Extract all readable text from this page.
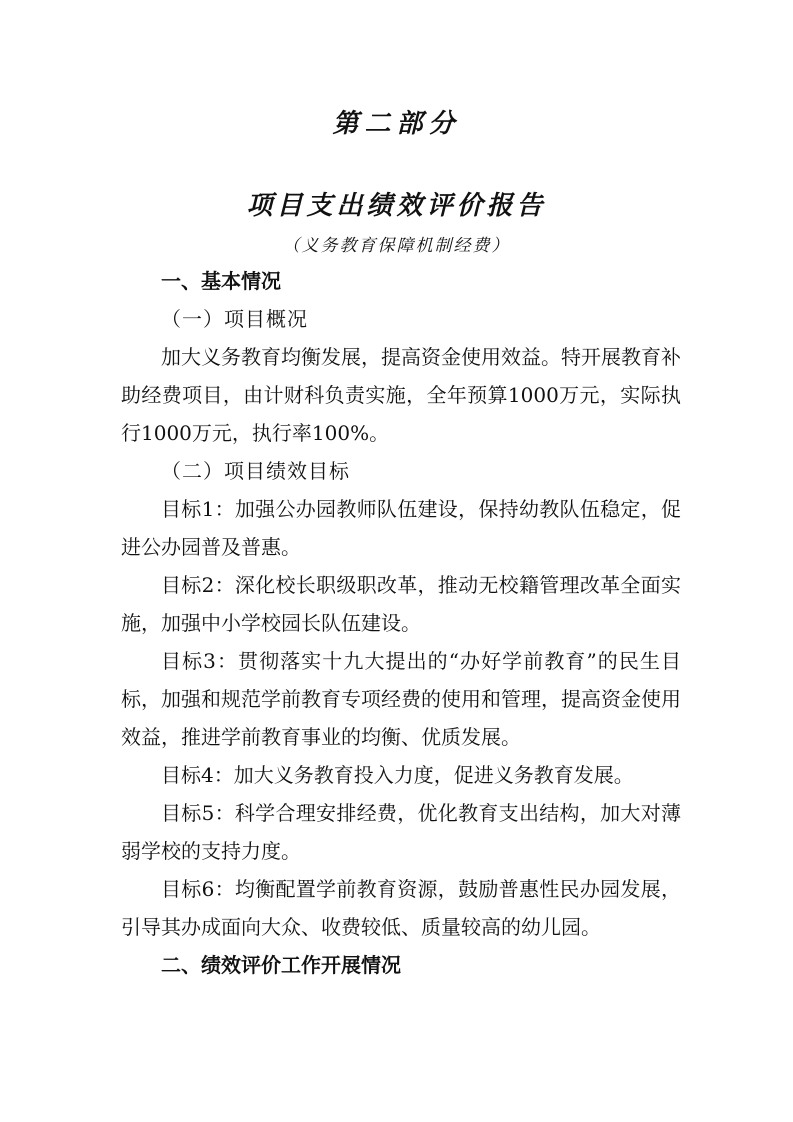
第二部分
项目支出绩效评价报告
（义务教育保障机制经费）
一、基本情况

（一）项目概况

加大义务教育均衡发展，提高资金使用效益。特开展教育补助经费项目，由计财科负责实施，全年预算1000万元，实际执行1000万元，执行率100%。

（二）项目绩效目标

目标1：加强公办园教师队伍建设，保持幼教队伍稳定，促进公办园普及普惠。

目标2：深化校长职级职改革，推动无校籍管理改革全面实施，加强中小学校园长队伍建设。

目标3：贯彻落实十九大提出的“办好学前教育”的民生目标，加强和规范学前教育专项经费的使用和管理，提高资金使用效益，推进学前教育事业的均衡、优质发展。

目标4：加大义务教育投入力度，促进义务教育发展。

目标5：科学合理安排经费，优化教育支出结构，加大对薄弱学校的支持力度。

目标6：均衡配置学前教育资源，鼓励普惠性民办园发展，引导其办成面向大众、收费较低、质量较高的幼儿园。

二、绩效评价工作开展情况
